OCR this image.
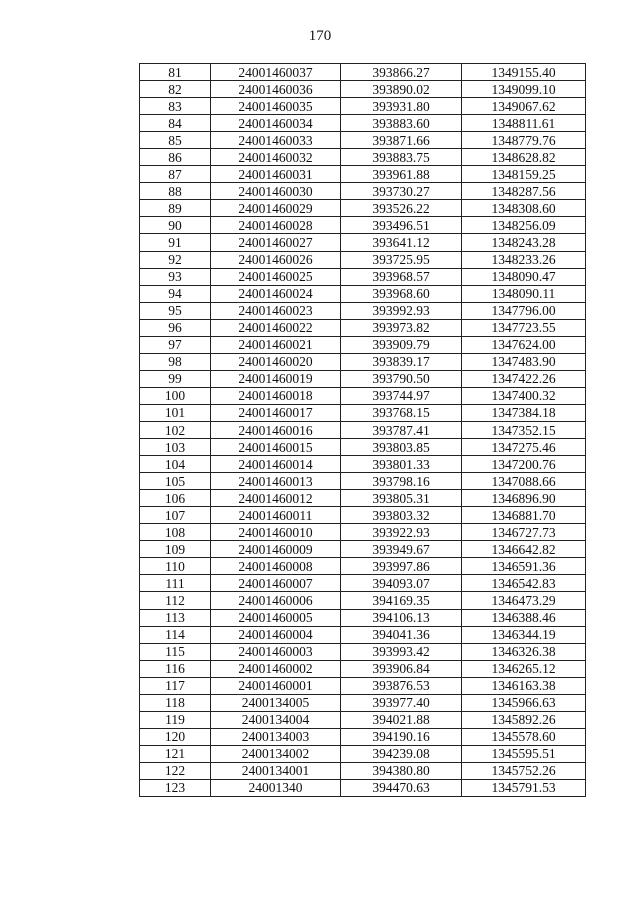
170
81	24001460037	393866.27	1349155.40
82	24001460036	393890.02	1349099.10
83	24001460035	393931.80	1349067.62
84	24001460034	393883.60	1348811.61
85	24001460033	393871.66	1348779.76
86	24001460032	393883.75	1348628.82
87	24001460031	393961.88	1348159.25
88	24001460030	393730.27	1348287.56
89	24001460029	393526.22	1348308.60
90	24001460028	393496.51	1348256.09
91	24001460027	393641.12	1348243.28
92	24001460026	393725.95	1348233.26
93	24001460025	393968.57	1348090.47
94	24001460024	393968.60	1348090.11
95	24001460023	393992.93	1347796.00
96	24001460022	393973.82	1347723.55
97	24001460021	393909.79	1347624.00
98	24001460020	393839.17	1347483.90
99	24001460019	393790.50	1347422.26
100	24001460018	393744.97	1347400.32
101	24001460017	393768.15	1347384.18
102	24001460016	393787.41	1347352.15
103	24001460015	393803.85	1347275.46
104	24001460014	393801.33	1347200.76
105	24001460013	393798.16	1347088.66
106	24001460012	393805.31	1346896.90
107	24001460011	393803.32	1346881.70
108	24001460010	393922.93	1346727.73
109	24001460009	393949.67	1346642.82
110	24001460008	393997.86	1346591.36
111	24001460007	394093.07	1346542.83
112	24001460006	394169.35	1346473.29
113	24001460005	394106.13	1346388.46
114	24001460004	394041.36	1346344.19
115	24001460003	393993.42	1346326.38
116	24001460002	393906.84	1346265.12
117	24001460001	393876.53	1346163.38
118	2400134005	393977.40	1345966.63
119	2400134004	394021.88	1345892.26
120	2400134003	394190.16	1345578.60
121	2400134002	394239.08	1345595.51
122	2400134001	394380.80	1345752.26
123	24001340	394470.63	1345791.53
